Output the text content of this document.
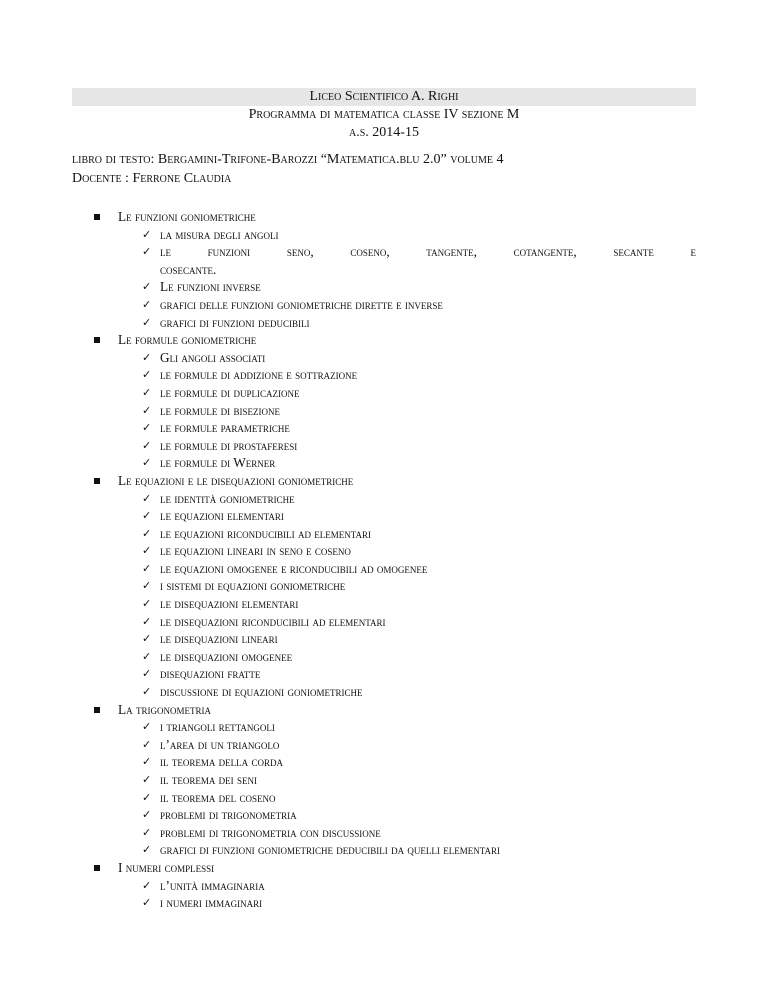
Liceo Scientifico A. Righi
Programma di matematica classe IV sezione M
a.s. 2014-15
libro di testo: Bergamini-Trifone-Barozzi “Matematica.blu 2.0” volume 4
Docente : Ferrone Claudia
Le funzioni goniometriche
✓ la misura degli angoli
✓ le funzioni seno, coseno, tangente, cotangente, secante e
cosecante.
✓ Le funzioni inverse
✓ grafici delle funzioni goniometriche dirette e inverse
✓ grafici di funzioni deducibili
Le formule goniometriche
✓ Gli angoli associati
✓ le formule di addizione e sottrazione
✓ le formule di duplicazione
✓ le formule di bisezione
✓ le formule parametriche
✓ le formule di prostaferesi
✓ le formule di Werner
Le equazioni e le disequazioni goniometriche
✓ le identità goniometriche
✓ le equazioni elementari
✓ le equazioni riconducibili ad elementari
✓ le equazioni lineari in seno e coseno
✓ le equazioni omogenee e riconducibili ad omogenee
✓ i sistemi di equazioni goniometriche
✓ le disequazioni elementari
✓ le disequazioni riconducibili ad elementari
✓ le disequazioni lineari
✓ le disequazioni omogenee
✓ disequazioni fratte
✓ discussione di equazioni goniometriche
La trigonometria
✓ i triangoli rettangoli
✓ l’area di un triangolo
✓ il teorema della corda
✓ il teorema dei seni
✓ il teorema del coseno
✓ problemi di trigonometria
✓ problemi di trigonometria con discussione
✓ grafici di funzioni goniometriche deducibili da quelli elementari
I numeri complessi
✓ l’unità immaginaria
✓ i numeri immaginari
